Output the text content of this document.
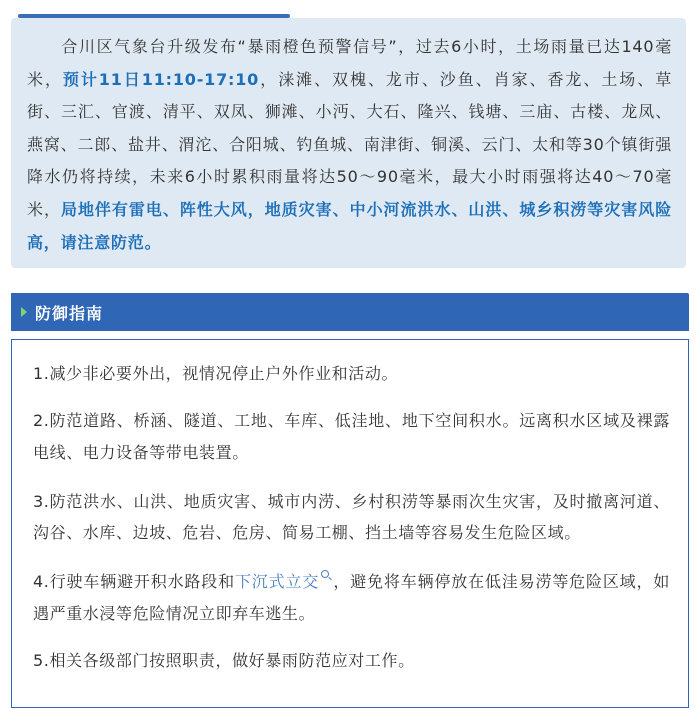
  合川区气象台升级发布“暴雨橙色预警信号”，过去6小时，土场雨量已达140毫米，预计11日11:10-17:10，涞滩、双槐、龙市、沙鱼、肖家、香龙、土场、草街、三汇、官渡、清平、双凤、狮滩、小沔、大石、隆兴、钱塘、三庙、古楼、龙凤、燕窝、二郎、盐井、渭沱、合阳城、钓鱼城、南津街、铜溪、云门、太和等30个镇街强降水仍将持续，未来6小时累积雨量将达50～90毫米，最大小时雨强将达40～70毫米，局地伴有雷电、阵性大风，地质灾害、中小河流洪水、山洪、城乡积涝等灾害风险高，请注意防范。

防御指南

1.减少非必要外出，视情况停止户外作业和活动。

2.防范道路、桥涵、隧道、工地、车库、低洼地、地下空间积水。远离积水区域及裸露电线、电力设备等带电装置。

3.防范洪水、山洪、地质灾害、城市内涝、乡村积涝等暴雨次生灾害，及时撤离河道、沟谷、水库、边坡、危岩、危房、简易工棚、挡土墙等容易发生危险区域。

4.行驶车辆避开积水路段和下沉式立交 ，避免将车辆停放在低洼易涝等危险区域，如遇严重水浸等危险情况立即弃车逃生。

5.相关各级部门按照职责，做好暴雨防范应对工作。
